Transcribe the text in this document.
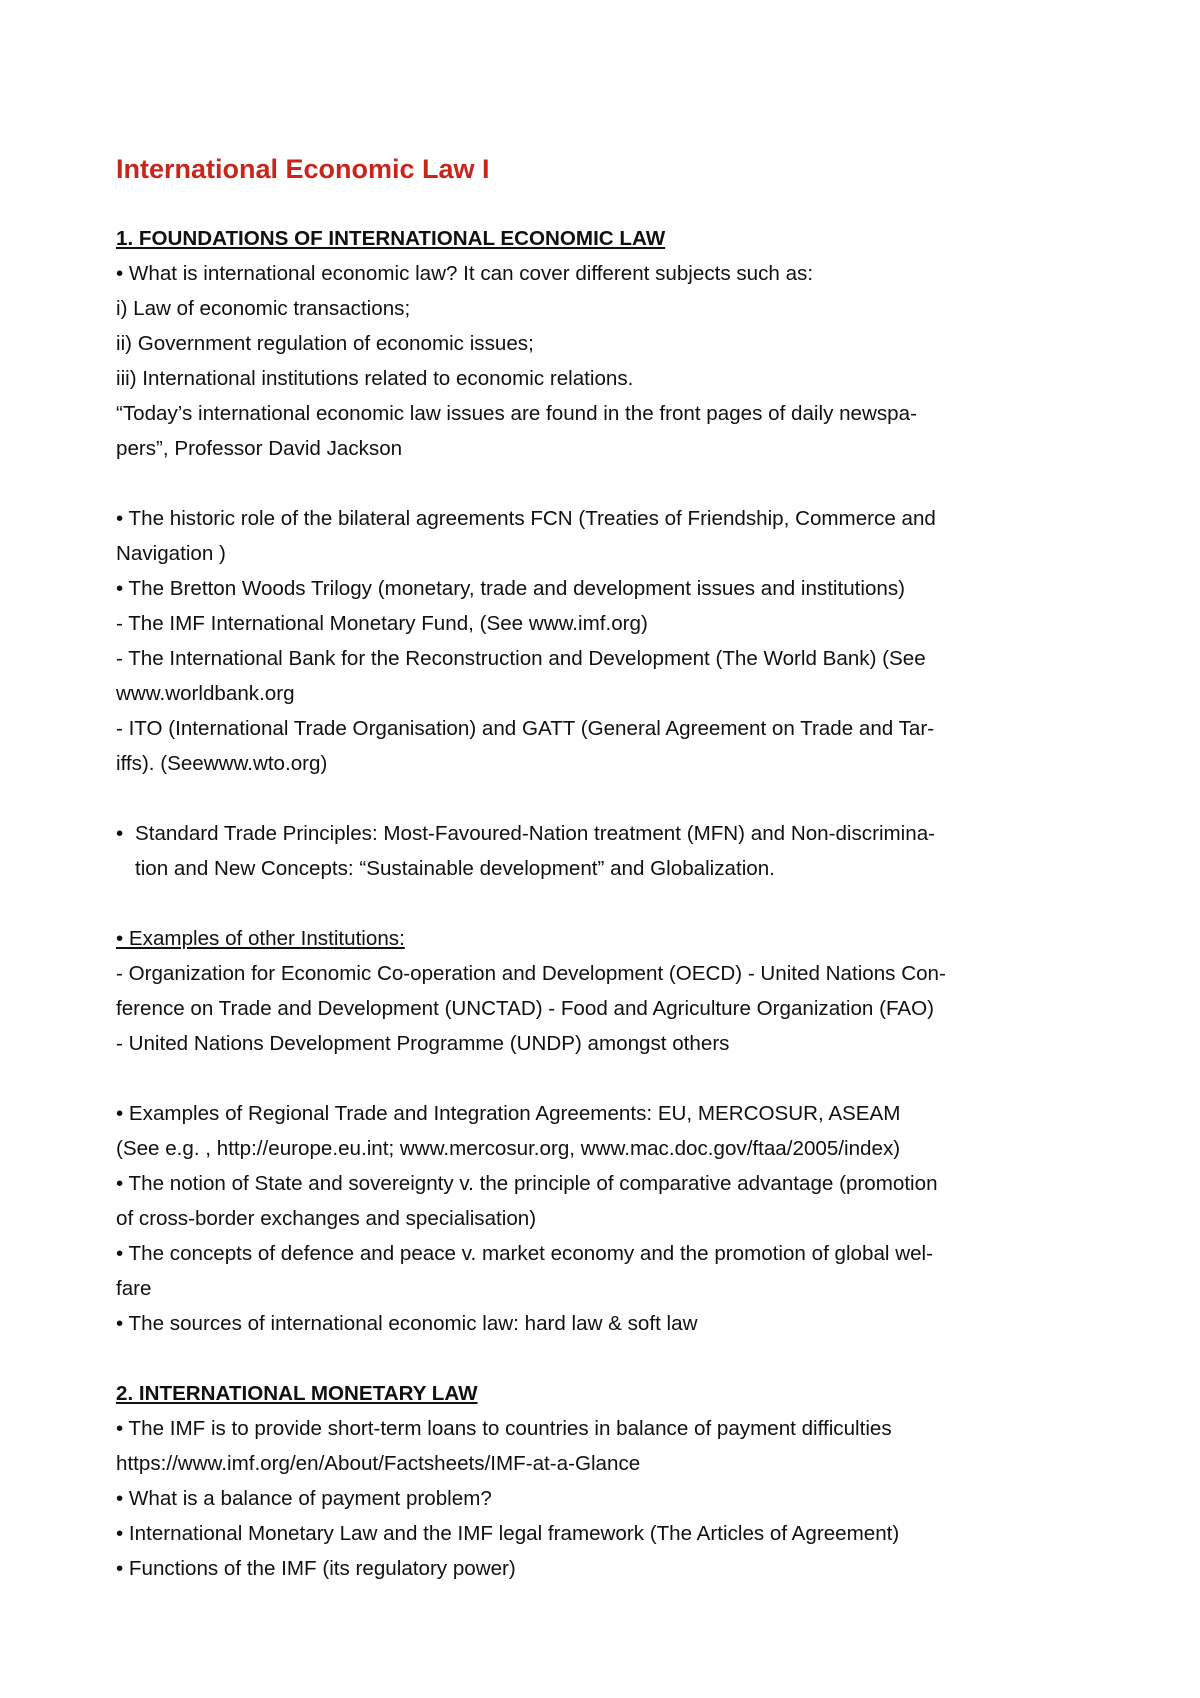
International Economic Law I
1. FOUNDATIONS OF INTERNATIONAL ECONOMIC LAW
• What is international economic law? It can cover different subjects such as:
i) Law of economic transactions;
ii) Government regulation of economic issues;
iii) International institutions related to economic relations.
“Today’s international economic law issues are found in the front pages of daily newspa-
pers”, Professor David Jackson
• The historic role of the bilateral agreements FCN (Treaties of Friendship, Commerce and
Navigation )
• The Bretton Woods Trilogy (monetary, trade and development issues and institutions)
- The IMF International Monetary Fund, (See www.imf.org)
- The International Bank for the Reconstruction and Development (The World Bank) (See
www.worldbank.org
- ITO (International Trade Organisation) and GATT (General Agreement on Trade and Tar-
iffs). (Seewww.wto.org)
• Standard Trade Principles: Most-Favoured-Nation treatment (MFN) and Non-discrimina-
tion and New Concepts: “Sustainable development” and Globalization.
• Examples of other Institutions:
- Organization for Economic Co-operation and Development (OECD) - United Nations Con-
ference on Trade and Development (UNCTAD) - Food and Agriculture Organization (FAO)
- United Nations Development Programme (UNDP) amongst others
• Examples of Regional Trade and Integration Agreements: EU, MERCOSUR, ASEAM
(See e.g. , http://europe.eu.int; www.mercosur.org, www.mac.doc.gov/ftaa/2005/index)
• The notion of State and sovereignty v. the principle of comparative advantage (promotion
of cross-border exchanges and specialisation)
• The concepts of defence and peace v. market economy and the promotion of global wel-
fare
• The sources of international economic law: hard law & soft law
2. INTERNATIONAL MONETARY LAW
• The IMF is to provide short-term loans to countries in balance of payment difficulties
https://www.imf.org/en/About/Factsheets/IMF-at-a-Glance
• What is a balance of payment problem?
• International Monetary Law and the IMF legal framework (The Articles of Agreement)
• Functions of the IMF (its regulatory power)
